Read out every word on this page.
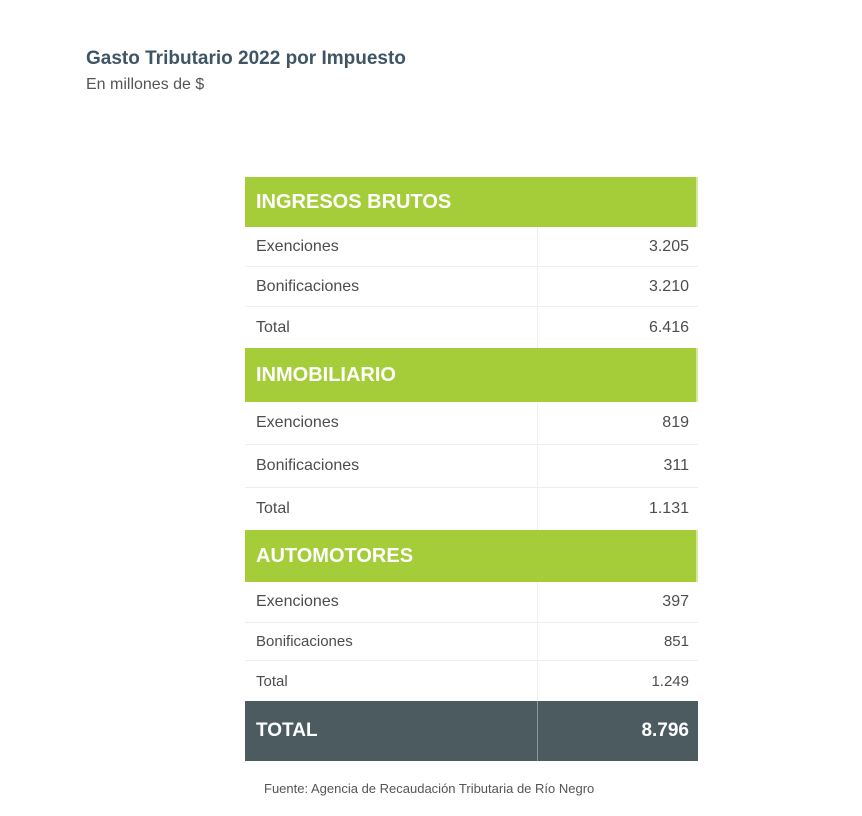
Gasto Tributario 2022 por Impuesto
En millones de $
INGRESOS BRUTOS
Exenciones	3.205
Bonificaciones	3.210
Total	6.416
INMOBILIARIO
Exenciones	819
Bonificaciones	311
Total	1.131
AUTOMOTORES
Exenciones	397
Bonificaciones	851
Total	1.249
TOTAL	8.796
Fuente: Agencia de Recaudación Tributaria de Río Negro
